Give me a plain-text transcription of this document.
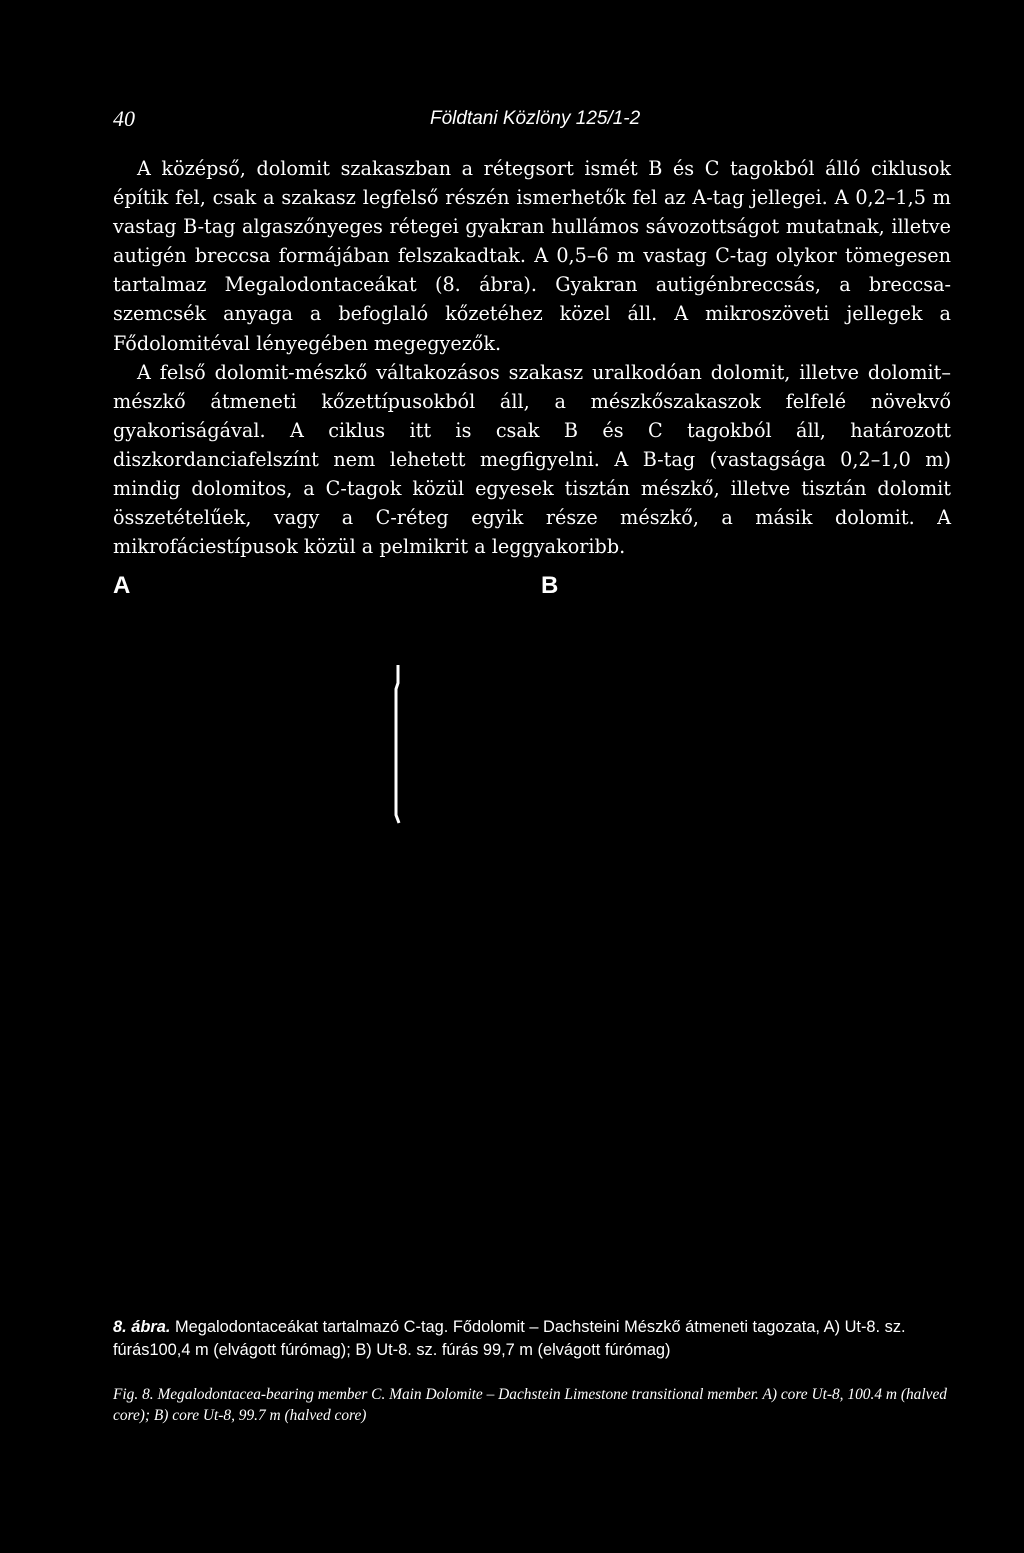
40	Földtani Közlöny 125/1-2

A középső, dolomit szakaszban a rétegsort ismét B és C tagokból álló ciklusok építik fel, csak a szakasz legfelső részén ismerhetők fel az A-tag jellegei. A 0,2–1,5 m vastag B-tag algaszőnyeges rétegei gyakran hullámos sávozottságot mutatnak, illetve autigén breccsa formájában felszakadtak. A 0,5–6 m vastag C-tag olykor tömegesen tartalmaz Megalodontaceákat (8. ábra). Gyakran autigénbreccsás, a breccsa-szemcsék anyaga a befoglaló kőzetéhez közel áll. A mikroszöveti jellegek a Fődolomitéval lényegében megegyezők.

A felső dolomit-mészkő váltakozásos szakasz uralkodóan dolomit, illetve dolomit–mészkő átmeneti kőzettípusokból áll, a mészkőszakaszok felfelé növekvő gyakoriságával. A ciklus itt is csak B és C tagokból áll, határozott diszkordanciafelszínt nem lehetett megfigyelni. A B-tag (vastagsága 0,2–1,0 m) mindig dolomitos, a C-tagok közül egyesek tisztán mészkő, illetve tisztán dolomit összetételűek, vagy a C-réteg egyik része mészkő, a másik dolomit. A mikrofáciestípusok közül a pelmikrit a leggyakoribb.

A	B
8. ábra. Megalodontaceákat tartalmazó C-tag. Fődolomit – Dachsteini Mészkő átmeneti tagozata, A) Ut-8. sz. fúrás100,4 m (elvágott fúrómag); B) Ut-8. sz. fúrás 99,7 m (elvágott fúrómag)
Fig. 8. Megalodontacea-bearing member C. Main Dolomite – Dachstein Limestone transitional member. A) core Ut-8, 100.4 m (halved core); B) core Ut-8, 99.7 m (halved core)
